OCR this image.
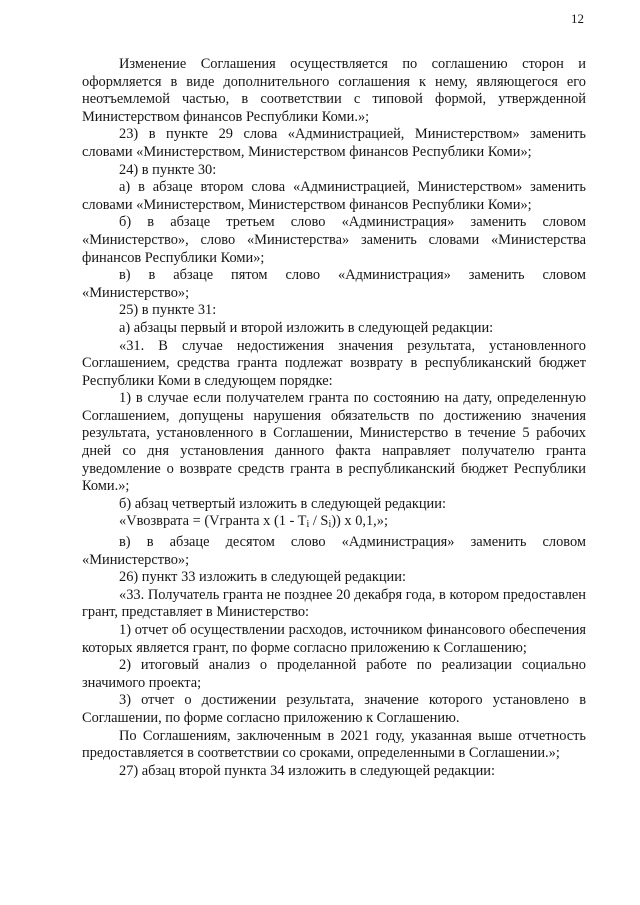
12

Изменение Соглашения осуществляется по соглашению сторон и оформляется в виде дополнительного соглашения к нему, являющегося его неотъемлемой частью, в соответствии с типовой формой, утвержденной Министерством финансов Республики Коми.»;

23) в пункте 29 слова «Администрацией, Министерством» заменить словами «Министерством, Министерством финансов Республики Коми»;

24) в пункте 30:

а) в абзаце втором слова «Администрацией, Министерством» заменить словами «Министерством, Министерством финансов Республики Коми»;

б) в абзаце третьем слово «Администрация» заменить словом «Министерство», слово «Министерства» заменить словами «Министерства финансов Республики Коми»;

в) в абзаце пятом слово «Администрация» заменить словом «Министерство»;

25) в пункте 31:

а) абзацы первый и второй изложить в следующей редакции:

«31. В случае недостижения значения результата, установленного Соглашением, средства гранта подлежат возврату в республиканский бюджет Республики Коми в следующем порядке:

1) в случае если получателем гранта по состоянию на дату, определенную Соглашением, допущены нарушения обязательств по достижению значения результата, установленного в Соглашении, Министерство в течение 5 рабочих дней со дня установления данного факта направляет получателю гранта уведомление о возврате средств гранта в республиканский бюджет Республики Коми.»;

б) абзац четвертый изложить в следующей редакции:

«Vвозврата = (Vгранта x (1 - Ti / Si)) x 0,1,»;

в) в абзаце десятом слово «Администрация» заменить словом «Министерство»;

26) пункт 33 изложить в следующей редакции:

«33. Получатель гранта не позднее 20 декабря года, в котором предоставлен грант, представляет в Министерство:

1) отчет об осуществлении расходов, источником финансового обеспечения которых является грант, по форме согласно приложению к Соглашению;

2) итоговый анализ о проделанной работе по реализации социально значимого проекта;

3) отчет о достижении результата, значение которого установлено в Соглашении, по форме согласно приложению к Соглашению.

По Соглашениям, заключенным в 2021 году, указанная выше отчетность предоставляется в соответствии со сроками, определенными в Соглашении.»;

27) абзац второй пункта 34 изложить в следующей редакции:
